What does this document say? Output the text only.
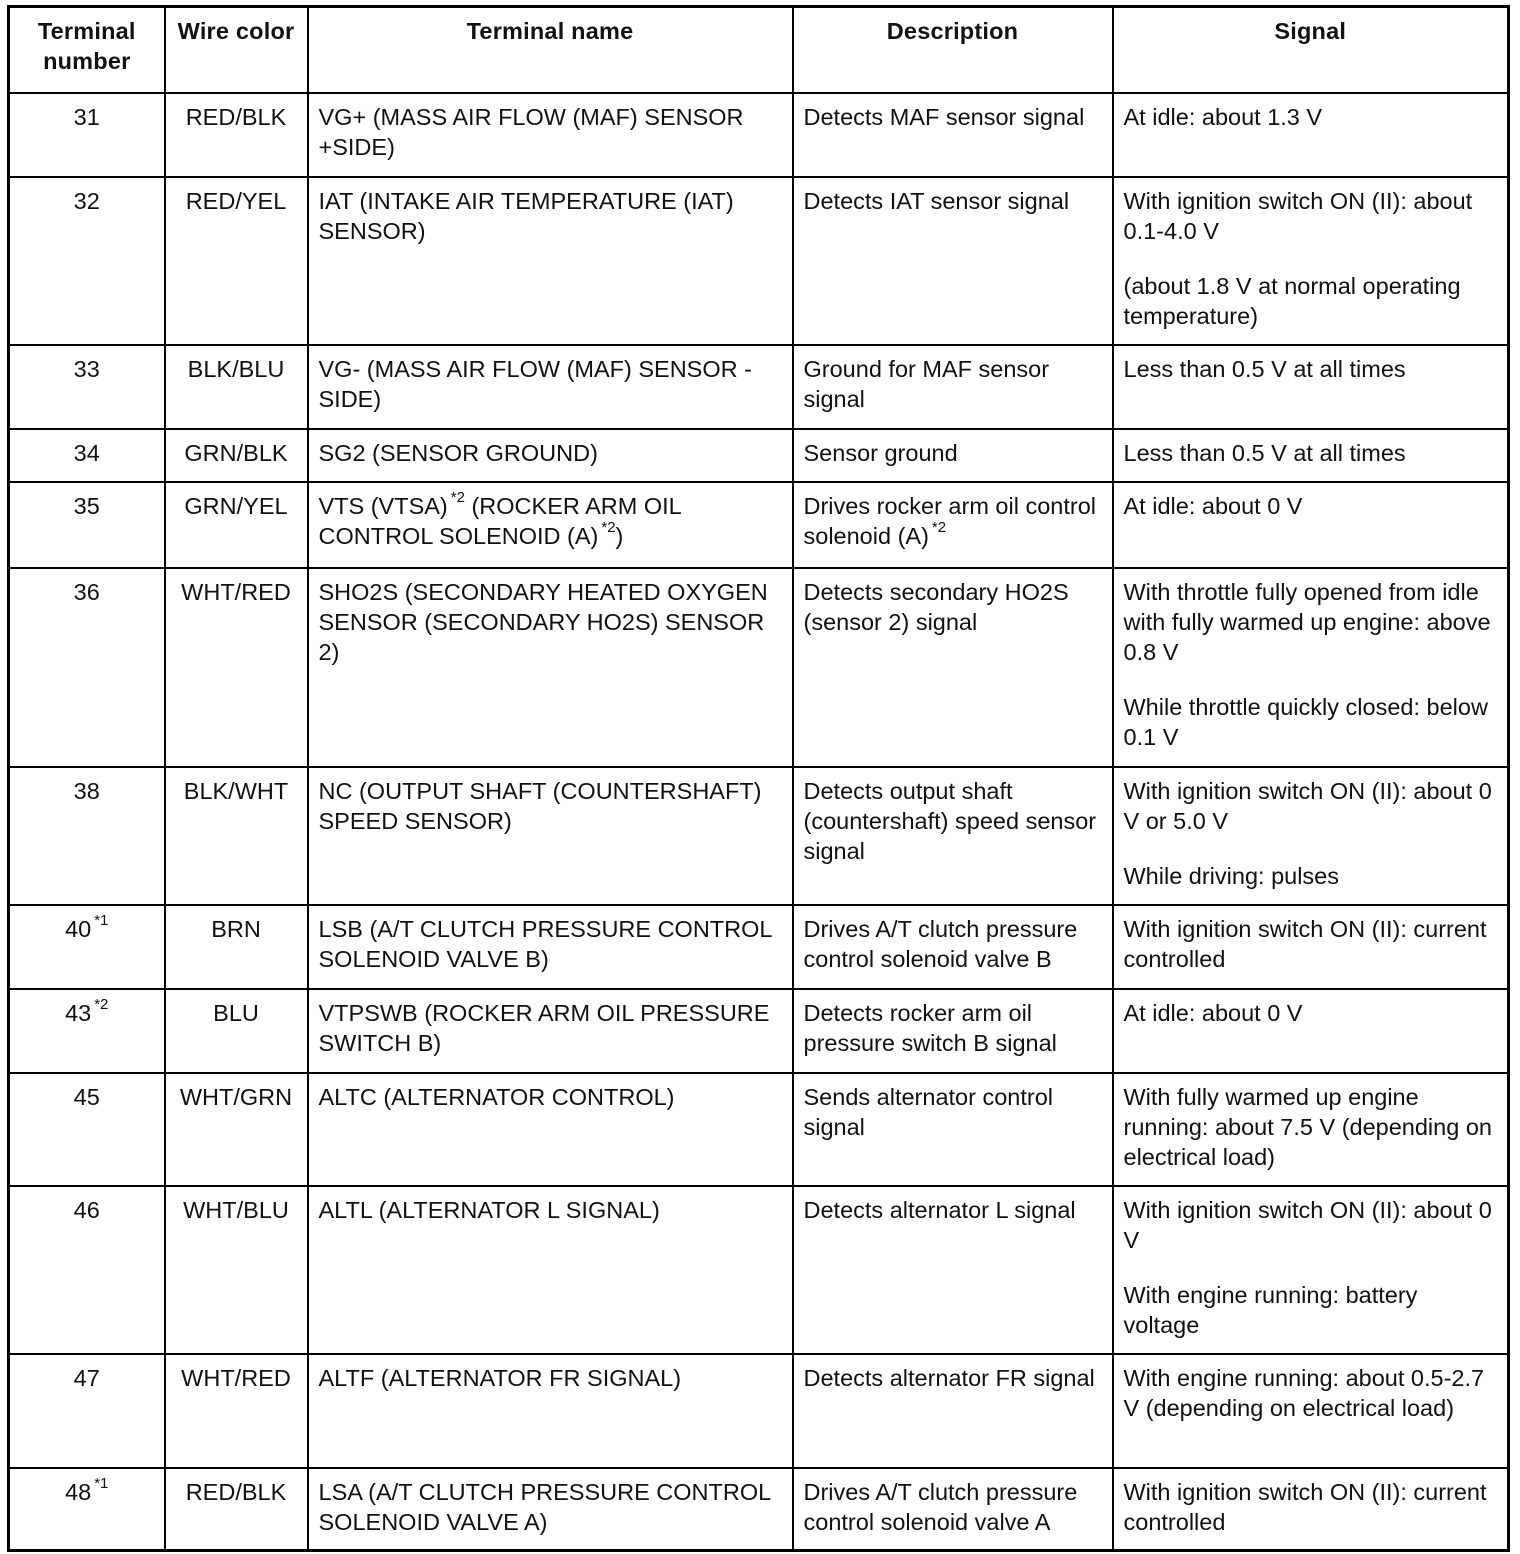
Terminal number	Wire color	Terminal name	Description	Signal
31	RED/BLK	VG+ (MASS AIR FLOW (MAF) SENSOR +SIDE)	Detects MAF sensor signal	At idle: about 1.3 V

32	RED/YEL	IAT (INTAKE AIR TEMPERATURE (IAT) SENSOR)	Detects IAT sensor signal	With ignition switch ON (II): about 0.1-4.0 V
(about 1.8 V at normal operating temperature)

33	BLK/BLU	VG- (MASS AIR FLOW (MAF) SENSOR -SIDE)	Ground for MAF sensor signal	Less than 0.5 V at all times

34	GRN/BLK	SG2 (SENSOR GROUND)	Sensor ground	Less than 0.5 V at all times

35	GRN/YEL	VTS (VTSA) $^{*2}$ (ROCKER ARM OIL CONTROL SOLENOID (A) $^{*2}$)	Drives rocker arm oil control solenoid (A) $^{*2}$	At idle: about 0 V

36	WHT/RED	SHO2S (SECONDARY HEATED OXYGEN SENSOR (SECONDARY HO2S) SENSOR 2)	Detects secondary HO2S (sensor 2) signal	With throttle fully opened from idle with fully warmed up engine: above 0.8 V
While throttle quickly closed: below 0.1 V

38	BLK/WHT	NC (OUTPUT SHAFT (COUNTERSHAFT) SPEED SENSOR)	Detects output shaft (countershaft) speed sensor signal	With ignition switch ON (II): about 0 V or 5.0 V
While driving: pulses

40 $^{*1}$	BRN	LSB (A/T CLUTCH PRESSURE CONTROL SOLENOID VALVE B)	Drives A/T clutch pressure control solenoid valve B	With ignition switch ON (II): current controlled

43 $^{*2}$	BLU	VTPSWB (ROCKER ARM OIL PRESSURE SWITCH B)	Detects rocker arm oil pressure switch B signal	At idle: about 0 V

45	WHT/GRN	ALTC (ALTERNATOR CONTROL)	Sends alternator control signal	With fully warmed up engine running: about 7.5 V (depending on electrical load)

46	WHT/BLU	ALTL (ALTERNATOR L SIGNAL)	Detects alternator L signal	With ignition switch ON (II): about 0 V
With engine running: battery voltage

47	WHT/RED	ALTF (ALTERNATOR FR SIGNAL)	Detects alternator FR signal	With engine running: about 0.5-2.7 V (depending on electrical load)

48 $^{*1}$	RED/BLK	LSA (A/T CLUTCH PRESSURE CONTROL SOLENOID VALVE A)	Drives A/T clutch pressure control solenoid valve A	With ignition switch ON (II): current controlled
